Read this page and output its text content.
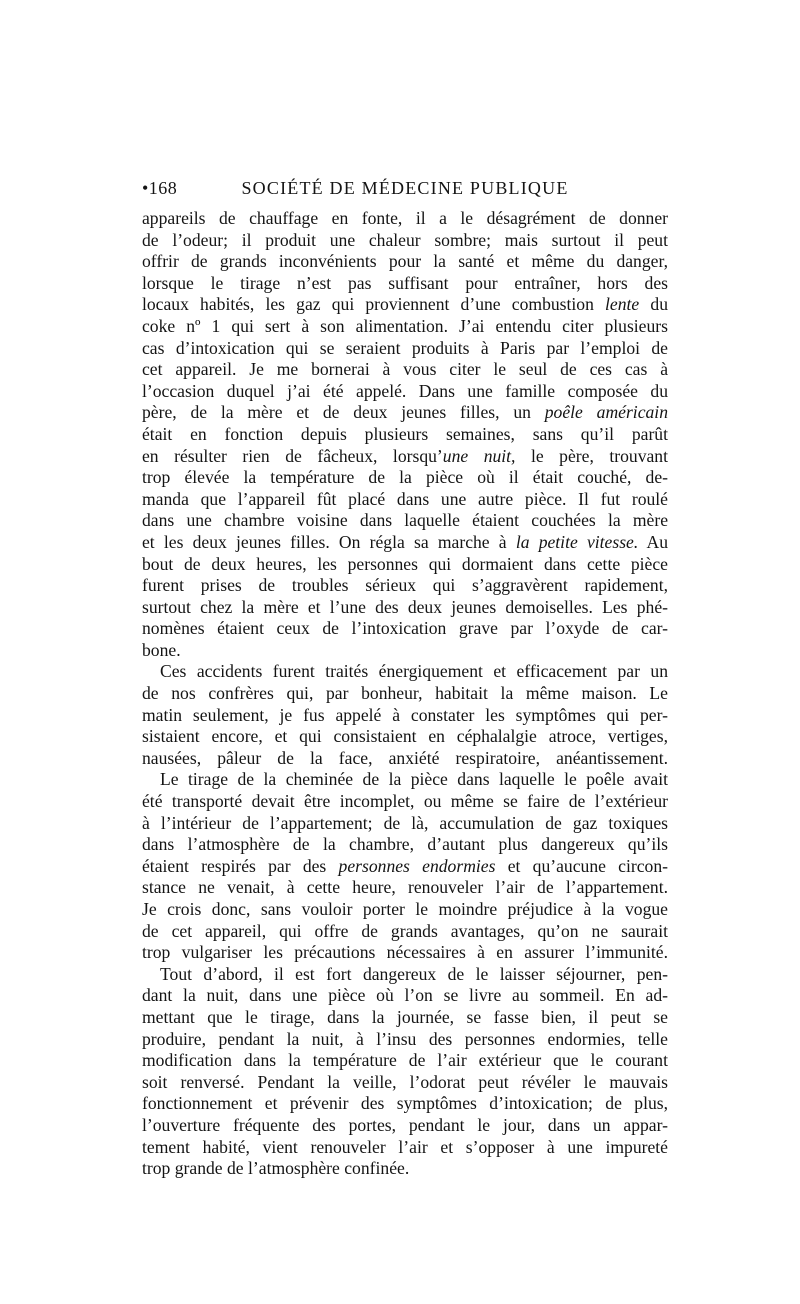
•168	SOCIÉTÉ DE MÉDECINE PUBLIQUE
appareils de chauffage en fonte, il a le désagrément de donner
de l’odeur; il produit une chaleur sombre; mais surtout il peut
offrir de grands inconvénients pour la santé et même du danger,
lorsque le tirage n’est pas suffisant pour entraîner, hors des
locaux habités, les gaz qui proviennent d’une combustion lente du
coke nº 1 qui sert à son alimentation. J’ai entendu citer plusieurs
cas d’intoxication qui se seraient produits à Paris par l’emploi de
cet appareil. Je me bornerai à vous citer le seul de ces cas à
l’occasion duquel j’ai été appelé. Dans une famille composée du
père, de la mère et de deux jeunes filles, un poêle américain
était en fonction depuis plusieurs semaines, sans qu’il parût
en résulter rien de fâcheux, lorsqu’une nuit, le père, trouvant
trop élevée la température de la pièce où il était couché, de-
manda que l’appareil fût placé dans une autre pièce. Il fut roulé
dans une chambre voisine dans laquelle étaient couchées la mère
et les deux jeunes filles. On régla sa marche à la petite vitesse. Au
bout de deux heures, les personnes qui dormaient dans cette pièce
furent prises de troubles sérieux qui s’aggravèrent rapidement,
surtout chez la mère et l’une des deux jeunes demoiselles. Les phé-
nomènes étaient ceux de l’intoxication grave par l’oxyde de car-
bone.
Ces accidents furent traités énergiquement et efficacement par un
de nos confrères qui, par bonheur, habitait la même maison. Le
matin seulement, je fus appelé à constater les symptômes qui per-
sistaient encore, et qui consistaient en céphalalgie atroce, vertiges,
nausées, pâleur de la face, anxiété respiratoire, anéantissement.
Le tirage de la cheminée de la pièce dans laquelle le poêle avait
été transporté devait être incomplet, ou même se faire de l’extérieur
à l’intérieur de l’appartement; de là, accumulation de gaz toxiques
dans l’atmosphère de la chambre, d’autant plus dangereux qu’ils
étaient respirés par des personnes endormies et qu’aucune circon-
stance ne venait, à cette heure, renouveler l’air de l’appartement.
Je crois donc, sans vouloir porter le moindre préjudice à la vogue
de cet appareil, qui offre de grands avantages, qu’on ne saurait
trop vulgariser les précautions nécessaires à en assurer l’immunité.
Tout d’abord, il est fort dangereux de le laisser séjourner, pen-
dant la nuit, dans une pièce où l’on se livre au sommeil. En ad-
mettant que le tirage, dans la journée, se fasse bien, il peut se
produire, pendant la nuit, à l’insu des personnes endormies, telle
modification dans la température de l’air extérieur que le courant
soit renversé. Pendant la veille, l’odorat peut révéler le mauvais
fonctionnement et prévenir des symptômes d’intoxication; de plus,
l’ouverture fréquente des portes, pendant le jour, dans un appar-
tement habité, vient renouveler l’air et s’opposer à une impureté
trop grande de l’atmosphère confinée.
